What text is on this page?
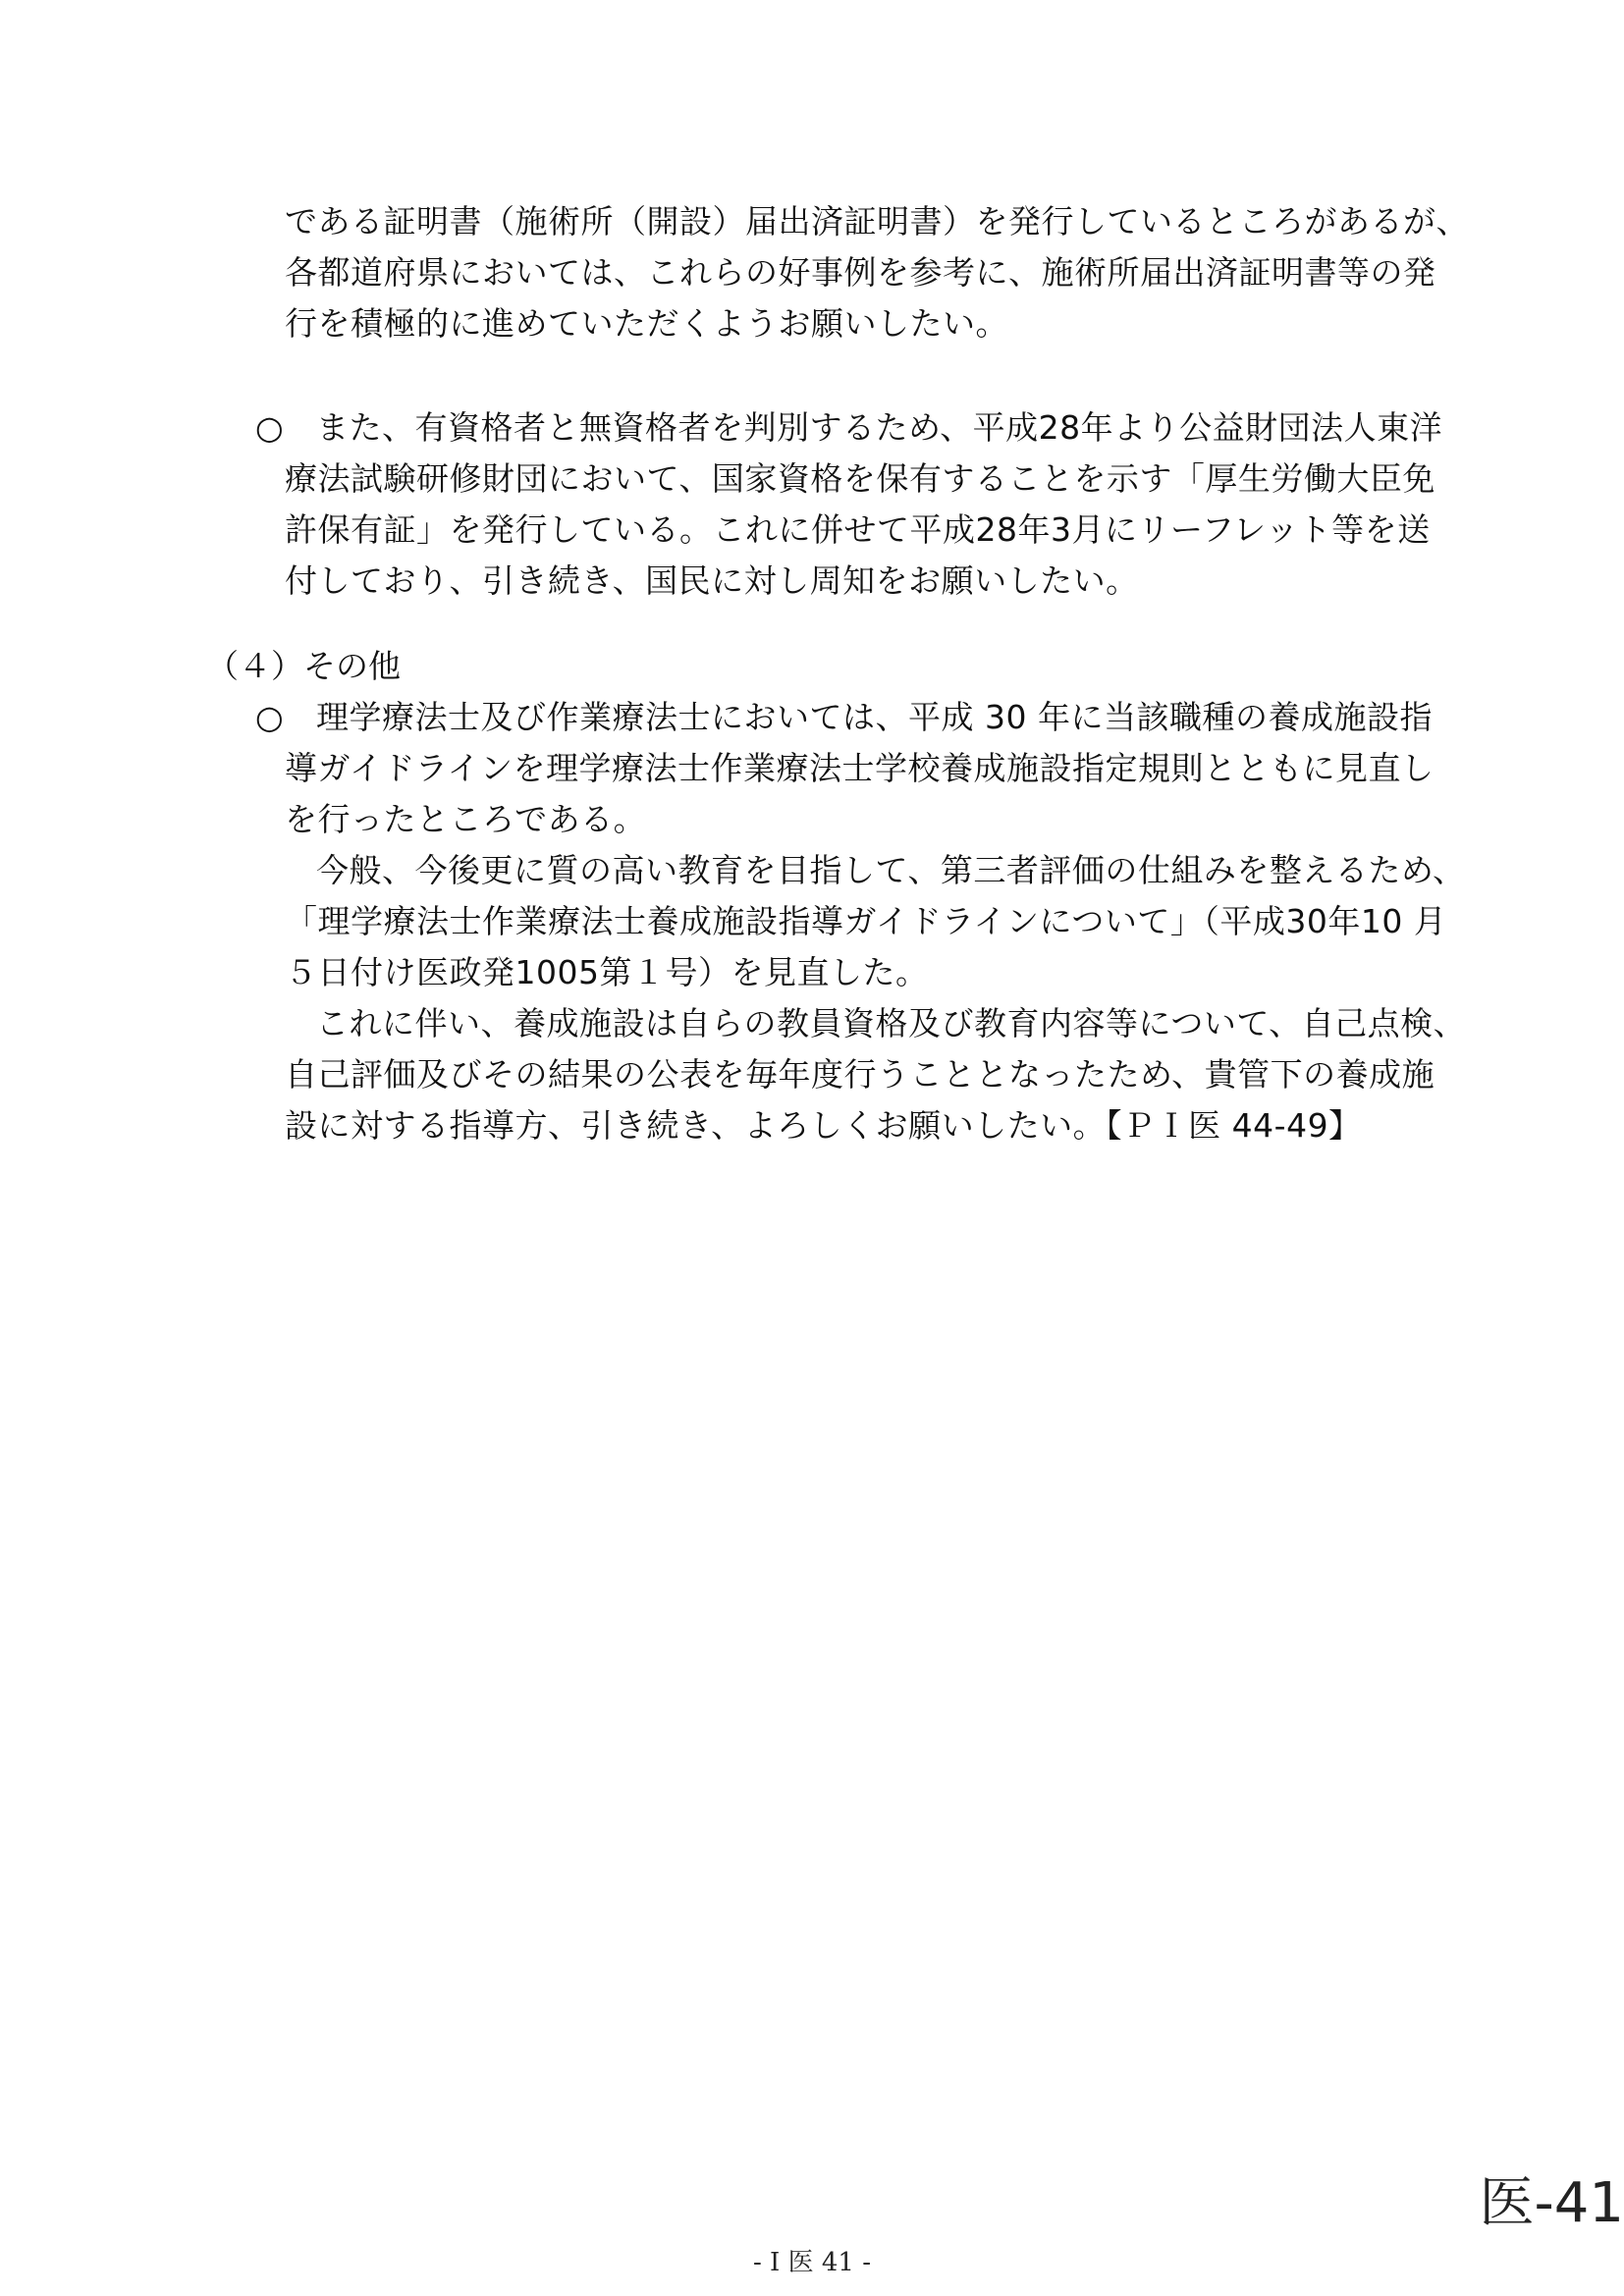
である証明書（施術所（開設）届出済証明書）を発行しているところがあるが、
各都道府県においては、これらの好事例を参考に、施術所届出済証明書等の発
行を積極的に進めていただくようお願いしたい。
○ また、有資格者と無資格者を判別するため、平成28年より公益財団法人東洋
療法試験研修財団において、国家資格を保有することを示す「厚生労働大臣免
許保有証」を発行している。これに併せて平成28年3月にリーフレット等を送
付しており、引き続き、国民に対し周知をお願いしたい。
（４）その他
○ 理学療法士及び作業療法士においては、平成 30 年に当該職種の養成施設指
導ガイドラインを理学療法士作業療法士学校養成施設指定規則とともに見直し
を行ったところである。
今般、今後更に質の高い教育を目指して、第三者評価の仕組みを整えるため、
「理学療法士作業療法士養成施設指導ガイドラインについて」（平成30年10 月
５日付け医政発1005第１号）を見直した。
これに伴い、養成施設は自らの教員資格及び教育内容等について、自己点検、
自己評価及びその結果の公表を毎年度行うこととなったため、貴管下の養成施
設に対する指導方、引き続き、よろしくお願いしたい。【ＰＩ医 44-49】
医-41
- Ⅰ 医 41 -
